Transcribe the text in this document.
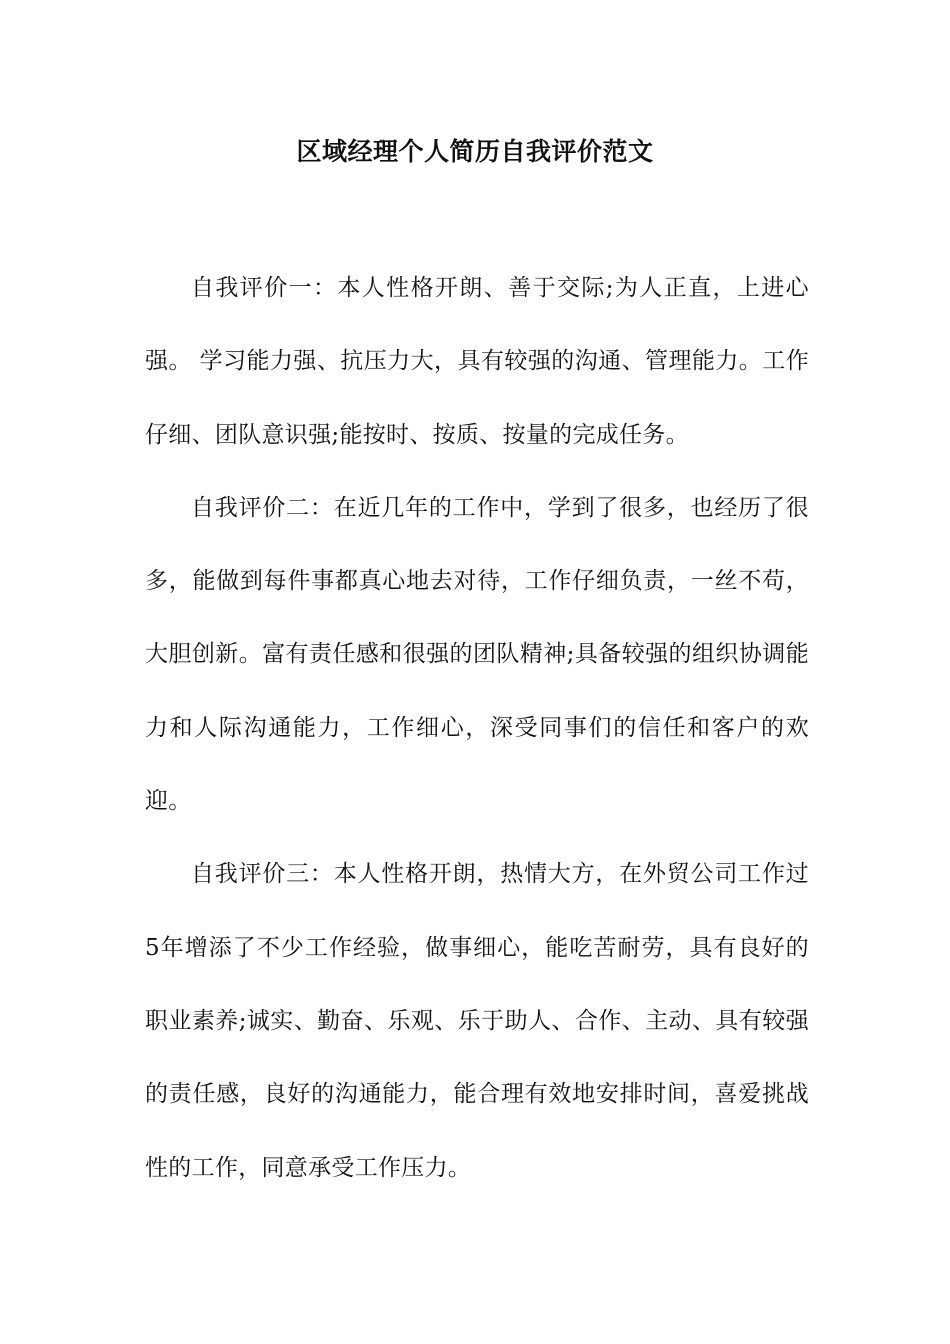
区域经理个人简历自我评价范文

自我评价一：本人性格开朗、善于交际;为人正直，上进心强。 学习能力强、抗压力大，具有较强的沟通、管理能力。工作仔细、团队意识强;能按时、按质、按量的完成任务。

自我评价二：在近几年的工作中，学到了很多，也经历了很多，能做到每件事都真心地去对待，工作仔细负责，一丝不苟，大胆创新。富有责任感和很强的团队精神;具备较强的组织协调能力和人际沟通能力，工作细心，深受同事们的信任和客户的欢迎。

自我评价三：本人性格开朗，热情大方，在外贸公司工作过5年增添了不少工作经验，做事细心，能吃苦耐劳，具有良好的职业素养;诚实、勤奋、乐观、乐于助人、合作、主动、具有较强的责任感，良好的沟通能力，能合理有效地安排时间，喜爱挑战性的工作，同意承受工作压力。
